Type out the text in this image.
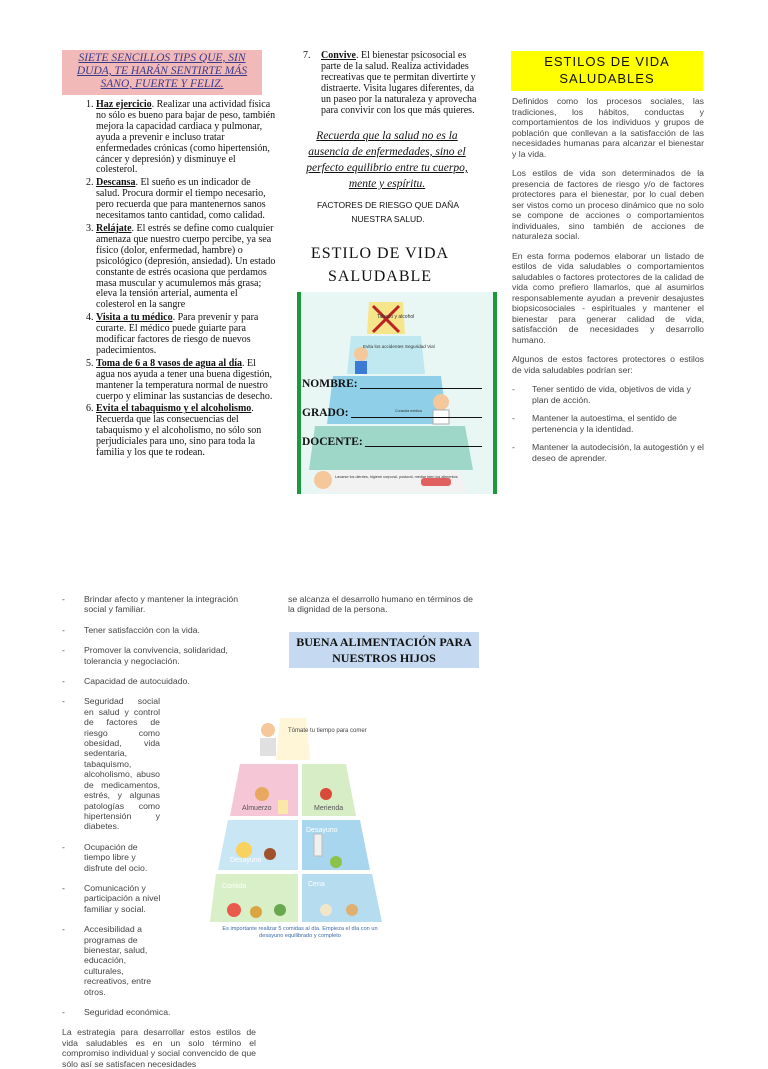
SIETE SENCILLOS TIPS QUE, SIN DUDA, TE HARÁN SENTIRTE MÁS SANO, FUERTE Y FELIZ.
1. Haz ejercicio. Realizar una actividad física no sólo es bueno para bajar de peso, también mejora la capacidad cardiaca y pulmonar, ayuda a prevenir e incluso tratar enfermedades crónicas (como hipertensión, cáncer y depresión) y disminuye el colesterol.
2. Descansa. El sueño es un indicador de salud. Procura dormir el tiempo necesario, pero recuerda que para mantenernos sanos necesitamos tanto cantidad, como calidad.
3. Relájate. El estrés se define como cualquier amenaza que nuestro cuerpo percibe, ya sea físico (dolor, enfermedad, hambre) o psicológico (depresión, ansiedad). Un estado constante de estrés ocasiona que perdamos masa muscular y acumulemos más grasa; eleva la tensión arterial, aumenta el colesterol en la sangre
4. Visita a tu médico. Para prevenir y para curarte. El médico puede guiarte para modificar factores de riesgo de nuevos padecimientos.
5. Toma de 6 a 8 vasos de agua al día. El agua nos ayuda a tener una buena digestión, mantener la temperatura normal de nuestro cuerpo y eliminar las sustancias de desecho.
6. Evita el tabaquismo y el alcoholismo. Recuerda que las consecuencias del tabaquismo y el alcoholismo, no sólo son perjudiciales para uno, sino para toda la familia y los que te rodean.
7. Convive. El bienestar psicosocial es parte de la salud. Realiza actividades recreativas que te permitan divertirte y distraerte. Visita lugares diferentes, da un paseo por la naturaleza y aprovecha para convivir con los que más quieres.
Recuerda que la salud no es la ausencia de enfermedades, sino el perfecto equilibrio entre tu cuerpo, mente y espíritu.
FACTORES DE RIESGO QUE DAÑA NUESTRA SALUD.
ESTILO DE VIDA SALUDABLE
Tabaco y alcohol
Evita los accidentes Seguridad Vial
Consulta médica
Lavarse los dientes, higiene corporal, postural, mediar bien los alimentos
NOMBRE:
GRADO:
DOCENTE:
ESTILOS DE VIDA SALUDABLES

Definidos como los procesos sociales, las tradiciones, los hábitos, conductas y comportamientos de los individuos y grupos de población que conllevan a la satisfacción de las necesidades humanas para alcanzar el bienestar y la vida.

Los estilos de vida son determinados de la presencia de factores de riesgo y/o de factores protectores para el bienestar, por lo cual deben ser vistos como un proceso dinámico que no solo se compone de acciones o comportamientos individuales, sino también de acciones de naturaleza social.

En esta forma podemos elaborar un listado de estilos de vida saludables o comportamientos saludables o factores protectores de la calidad de vida como prefiero llamarlos, que al asumirlos responsablemente ayudan a prevenir desajustes biopsicosociales - espirituales y mantener el bienestar para generar calidad de vida, satisfacción de necesidades y desarrollo humano.

Algunos de estos factores protectores o estilos de vida saludables podrían ser:

- Tener sentido de vida, objetivos de vida y plan de acción.
- Mantener la autoestima, el sentido de pertenencia y la identidad.
- Mantener la autodecisión, la autogestión y el deseo de aprender.
- Brindar afecto y mantener la integración social y familiar.
- Tener satisfacción con la vida.
- Promover la convivencia, solidaridad, tolerancia y negociación.
- Capacidad de autocuidado.
- Seguridad social en salud y control de factores de riesgo como obesidad, vida sedentaria, tabaquismo, alcoholismo, abuso de medicamentos, estrés, y algunas patologías como hipertensión y diabetes.
- Ocupación de tiempo libre y disfrute del ocio.
- Comunicación y participación a nivel familiar y social.
- Accesibilidad a programas de bienestar, salud, educación, culturales, recreativos, entre otros.
- Seguridad económica.

La estrategia para desarrollar estos estilos de vida saludables es en un solo término el compromiso individual y social convencido de que sólo así se satisfacen necesidades

se alcanza el desarrollo humano en términos de la dignidad de la persona.
BUENA ALIMENTACIÓN PARA NUESTROS HIJOS
Tómate tu tiempo para comer
Almuerzo	Merienda
Desayuno
Desayuno
Comida	Cena
Es importante realizar 5 comidas al día. Empieza el día con un desayuno equilibrado y completo
